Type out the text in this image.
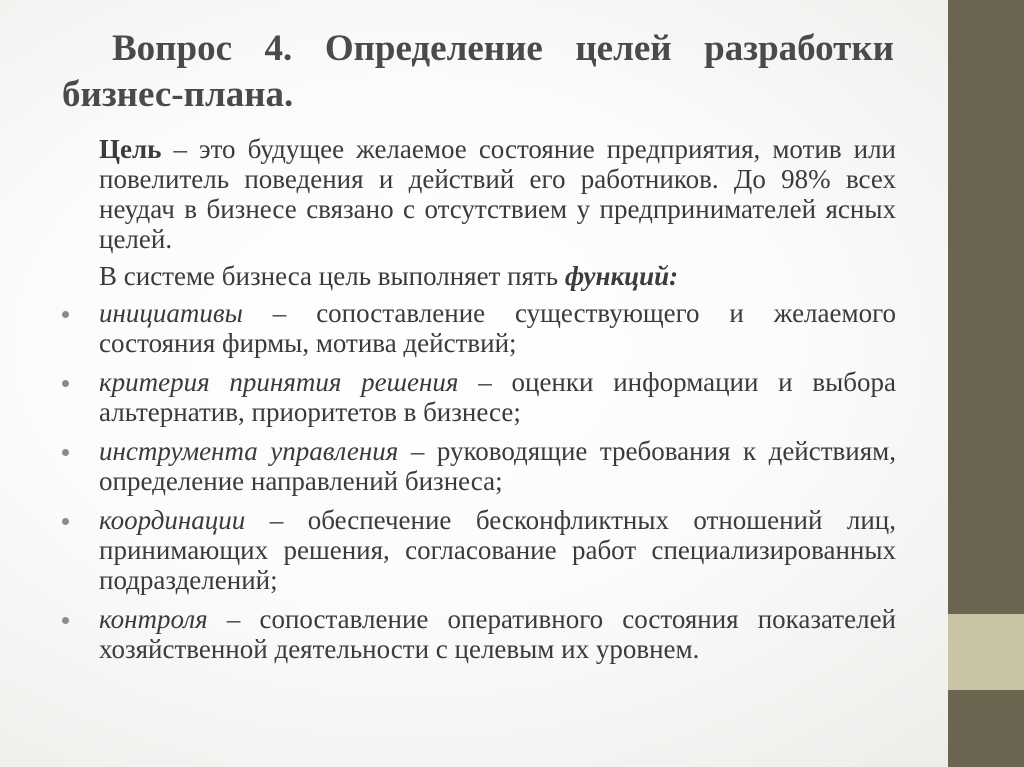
Вопрос 4. Определение целей разработки бизнес-плана.

Цель – это будущее желаемое состояние предприятия, мотив или повелитель поведения и действий его работников. До 98% всех неудач в бизнесе связано с отсутствием у предпринимателей ясных целей.

В системе бизнеса цель выполняет пять функций:

инициативы – сопоставление существующего и желаемого состояния фирмы, мотива действий;
критерия принятия решения – оценки информации и выбора альтернатив, приоритетов в бизнесе;
инструмента управления – руководящие требования к действиям, определение направлений бизнеса;
координации – обеспечение бесконфликтных отношений лиц, принимающих решения, согласование работ специализированных подразделений;
контроля – сопоставление оперативного состояния показателей хозяйственной деятельности с целевым их уровнем.
